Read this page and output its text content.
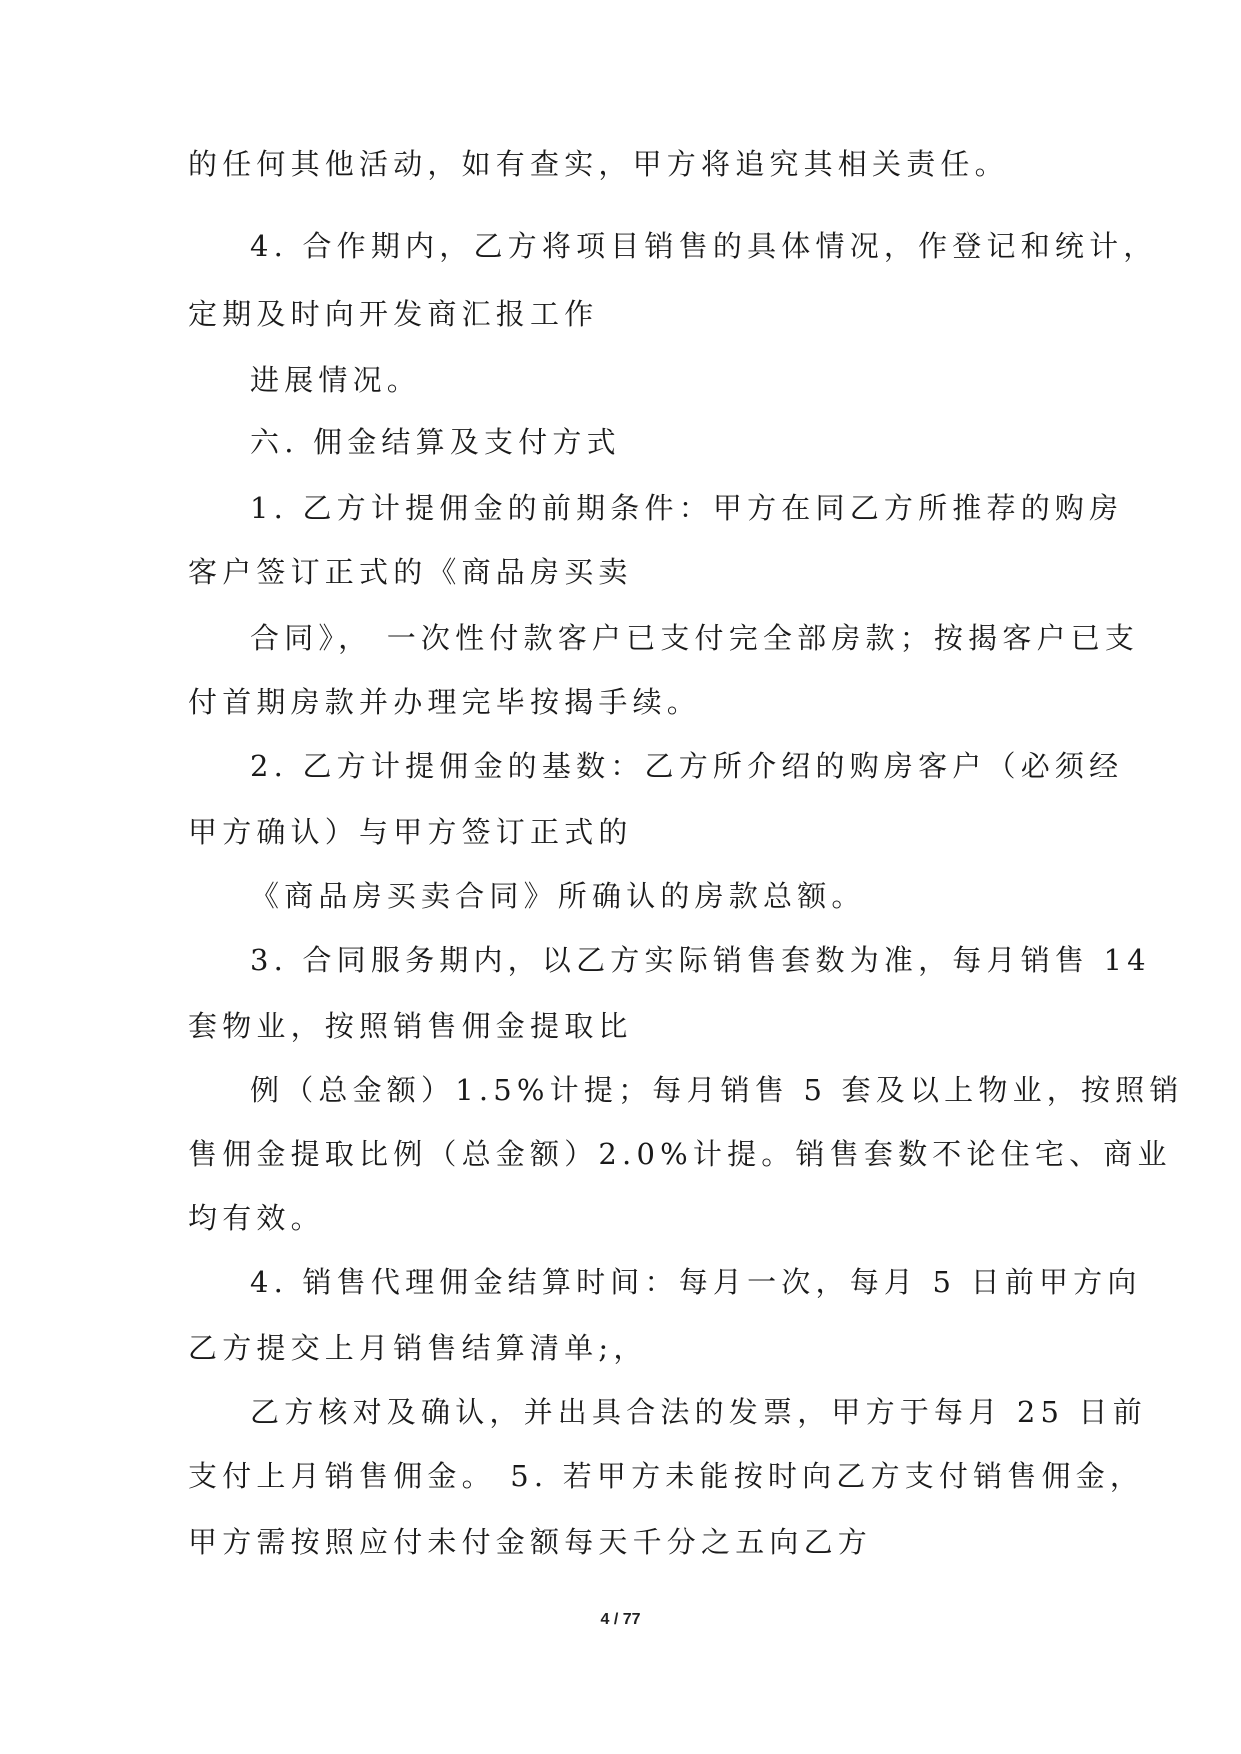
的任何其他活动，如有查实，甲方将追究其相关责任。
4. 合作期内，乙方将项目销售的具体情况，作登记和统计，
定期及时向开发商汇报工作
进展情况。
六. 佣金结算及支付方式
1. 乙方计提佣金的前期条件：甲方在同乙方所推荐的购房
客户签订正式的《商品房买卖
合同》， 一次性付款客户已支付完全部房款；按揭客户已支
付首期房款并办理完毕按揭手续。
2. 乙方计提佣金的基数：乙方所介绍的购房客户（必须经
甲方确认）与甲方签订正式的
《商品房买卖合同》所确认的房款总额。
3. 合同服务期内，以乙方实际销售套数为准，每月销售 14
套物业，按照销售佣金提取比
例（总金额）1.5%计提；每月销售 5 套及以上物业，按照销
售佣金提取比例（总金额）2.0%计提。销售套数不论住宅、商业
均有效。
4. 销售代理佣金结算时间：每月一次，每月 5 日前甲方向
乙方提交上月销售结算清单;，
乙方核对及确认，并出具合法的发票，甲方于每月 25 日前
支付上月销售佣金。 5. 若甲方未能按时向乙方支付销售佣金，
甲方需按照应付未付金额每天千分之五向乙方
4 / 77
